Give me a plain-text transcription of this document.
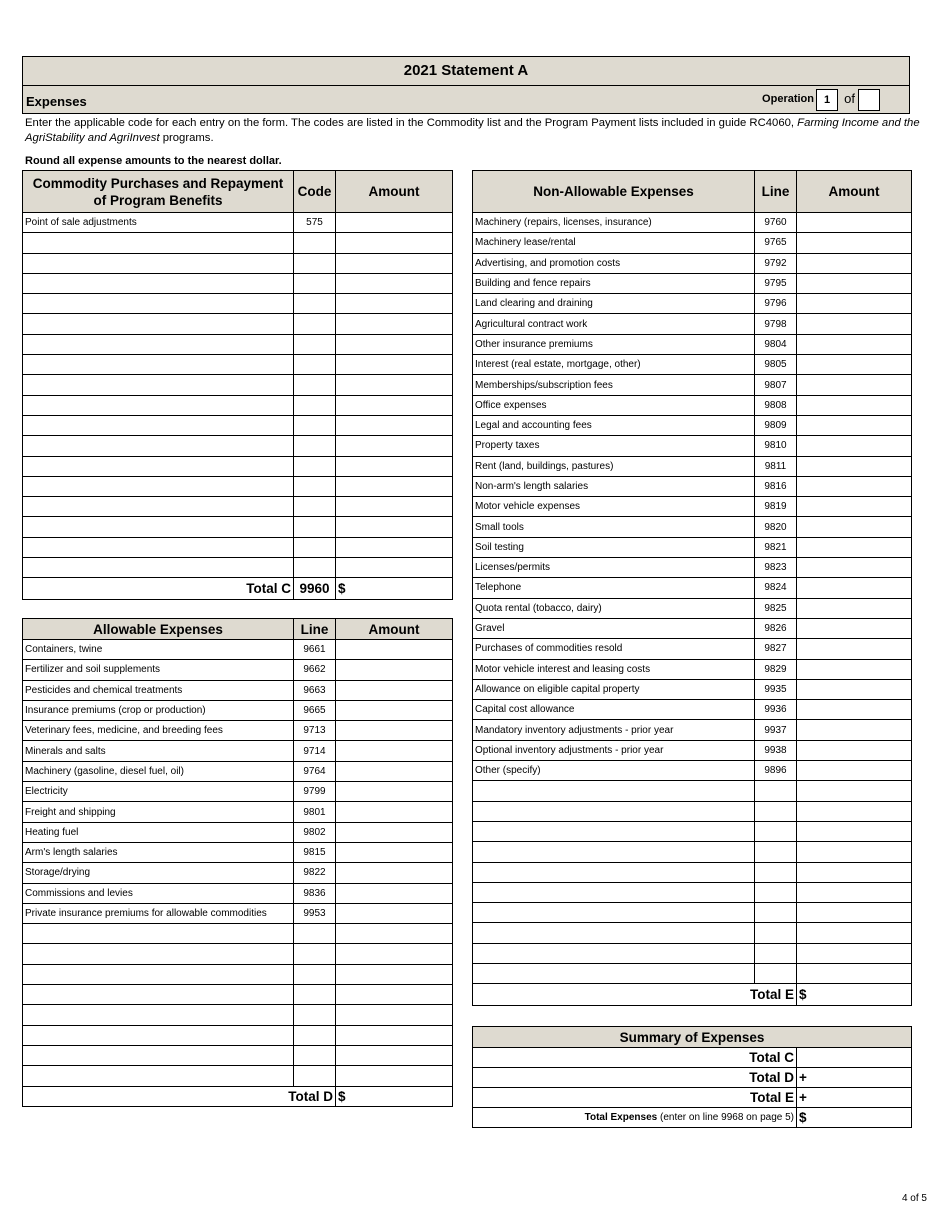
2021 Statement A
Expenses	Operation 1	of
Enter the applicable code for each entry on the form. The codes are listed in the Commodity list and the Program Payment lists included in guide RC4060, Farming Income and the AgriStability and AgriInvest programs.
Round all expense amounts to the nearest dollar.
Commodity Purchases and Repayment of Program Benefits	Code	Amount
Point of sale adjustments	575	

Total C	9960	$
Allowable Expenses	Line	Amount
Containers, twine	9661	
Fertilizer and soil supplements	9662	
Pesticides and chemical treatments	9663	
Insurance premiums (crop or production)	9665	
Veterinary fees, medicine, and breeding fees	9713	
Minerals and salts	9714	
Machinery (gasoline, diesel fuel, oil)	9764	
Electricity	9799	
Freight and shipping	9801	
Heating fuel	9802	
Arm's length salaries	9815	
Storage/drying	9822	
Commissions and levies	9836	
Private insurance premiums for allowable commodities	9953	

Total D		$
Non-Allowable Expenses	Line	Amount
Machinery (repairs, licenses, insurance)	9760	
Machinery lease/rental	9765	
Advertising, and promotion costs	9792	
Building and fence repairs	9795	
Land clearing and draining	9796	
Agricultural contract work	9798	
Other insurance premiums	9804	
Interest (real estate, mortgage, other)	9805	
Memberships/subscription fees	9807	
Office expenses	9808	
Legal and accounting fees	9809	
Property taxes	9810	
Rent (land, buildings, pastures)	9811	
Non-arm's length salaries	9816	
Motor vehicle expenses	9819	
Small tools	9820	
Soil testing	9821	
Licenses/permits	9823	
Telephone	9824	
Quota rental (tobacco, dairy)	9825	
Gravel	9826	
Purchases of commodities resold	9827	
Motor vehicle interest and leasing costs	9829	
Allowance on eligible capital property	9935	
Capital cost allowance	9936	
Mandatory inventory adjustments - prior year	9937	
Optional inventory adjustments - prior year	9938	
Other (specify)	9896	

Total E		$
Summary of Expenses	
Total C	
Total D	+
Total E	+
Total Expenses (enter on line 9968 on page 5)	$
4 of 5
